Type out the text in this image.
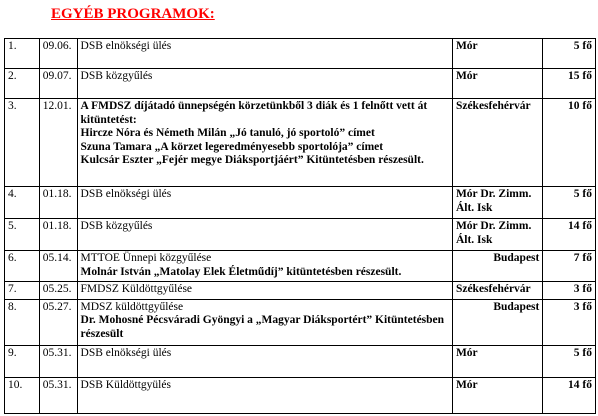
EGYÉB PROGRAMOK:
1.	09.06.	DSB elnökségi ülés	Mór	5 fő
2.	09.07.	DSB közgyűlés	Mór	15 fő
3.	12.01.	A FMDSZ díjátadó ünnepségén körzetünkből 3 diák és 1 felnőtt vett át kitüntetést:
Hircze Nóra és Németh Milán „Jó tanuló, jó sportoló” címet
Szuna Tamara „A körzet legeredményesebb sportolója” címet
Kulcsár Eszter „Fejér megye Diáksportjáért” Kitüntetésben részesült.	Székesfehérvár	10 fő
4.	01.18.	DSB elnökségi ülés	Mór Dr. Zimm. Ált. Isk	5 fő
5.	01.18.	DSB közgyűlés	Mór Dr. Zimm. Ált. Isk	14 fő
6.	05.14.	MTTOE Ünnepi közgyűlése
Molnár István „Matolay Elek Életműdíj” kitüntetésben részesült.	Budapest	7 fő
7.	05.25.	FMDSZ Küldöttgyűlése	Székesfehérvár	3 fő
8.	05.27.	MDSZ küldöttgyűlése
Dr. Mohosné Pécsváradi Gyöngyi a „Magyar Diáksportért” Kitüntetésben részesült	Budapest	3 fő
9.	05.31.	DSB elnökségi ülés	Mór	5 fő
10.	05.31.	DSB Küldöttgyülés	Mór	14 fő
